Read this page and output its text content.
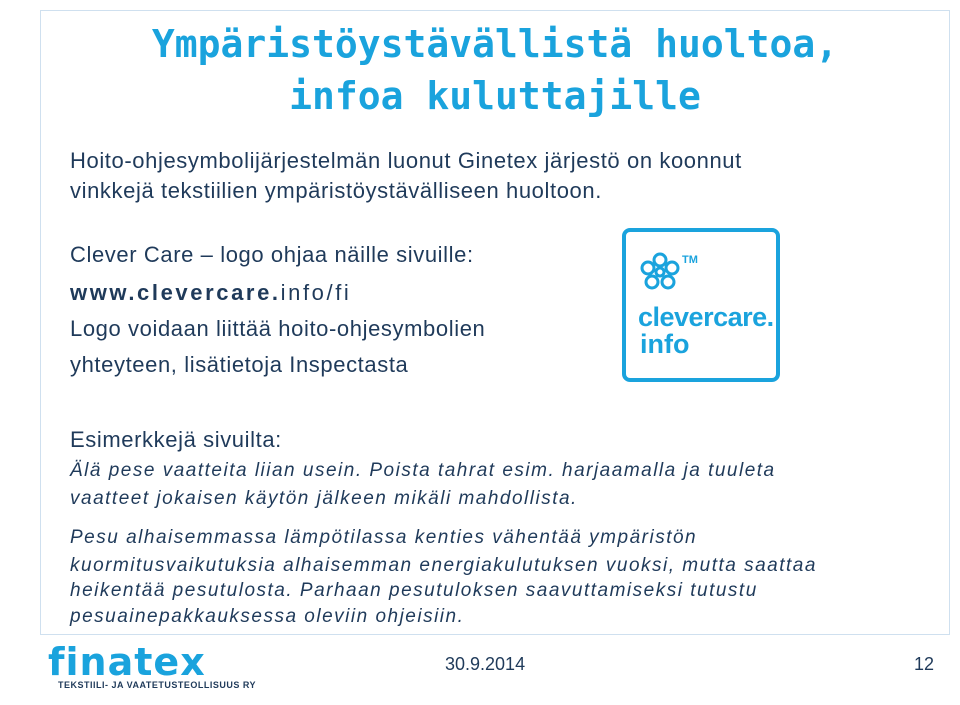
Ympäristöystävällistä huoltoa,
infoa kuluttajille
Hoito-ohjesymbolijärjestelmän luonut Ginetex järjestö on koonnut
vinkkejä tekstiilien ympäristöystävälliseen huoltoon.
Clever Care – logo ohjaa näille sivuille:
www.clevercare.info/fi
Logo voidaan liittää hoito-ohjesymbolien
yhteyteen, lisätietoja Inspectasta
TM
clevercare.
info
Esimerkkejä sivuilta:
Älä pese vaatteita liian usein. Poista tahrat esim. harjaamalla ja tuuleta
vaatteet jokaisen käytön jälkeen mikäli mahdollista.
Pesu alhaisemmassa lämpötilassa kenties vähentää ympäristön
kuormitusvaikutuksia alhaisemman energiakulutuksen vuoksi, mutta saattaa
heikentää pesutulosta. Parhaan pesutuloksen saavuttamiseksi tutustu
pesuainepakkauksessa oleviin ohjeisiin.
finatex
TEKSTIILI- JA VAATETUSTEOLLISUUS RY
30.9.2014	12
